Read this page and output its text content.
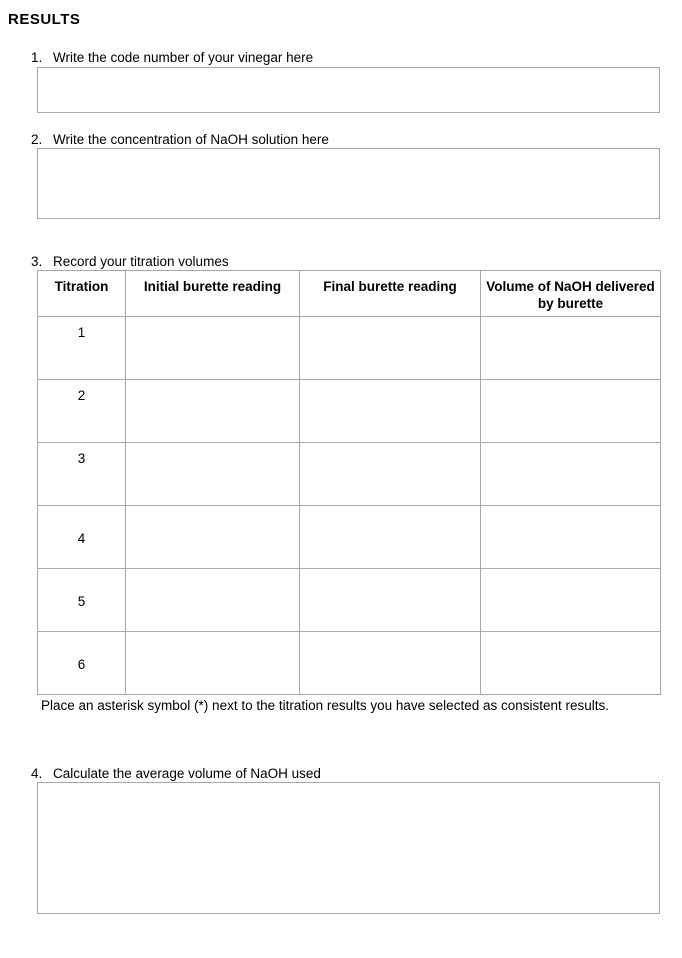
RESULTS
1. Write the code number of your vinegar here
2. Write the concentration of NaOH solution here
3. Record your titration volumes
Titration	Initial burette reading	Final burette reading	Volume of NaOH delivered by burette
1			
2			
3			
4			
5			
6			
Place an asterisk symbol (*) next to the titration results you have selected as consistent results.
4. Calculate the average volume of NaOH used
